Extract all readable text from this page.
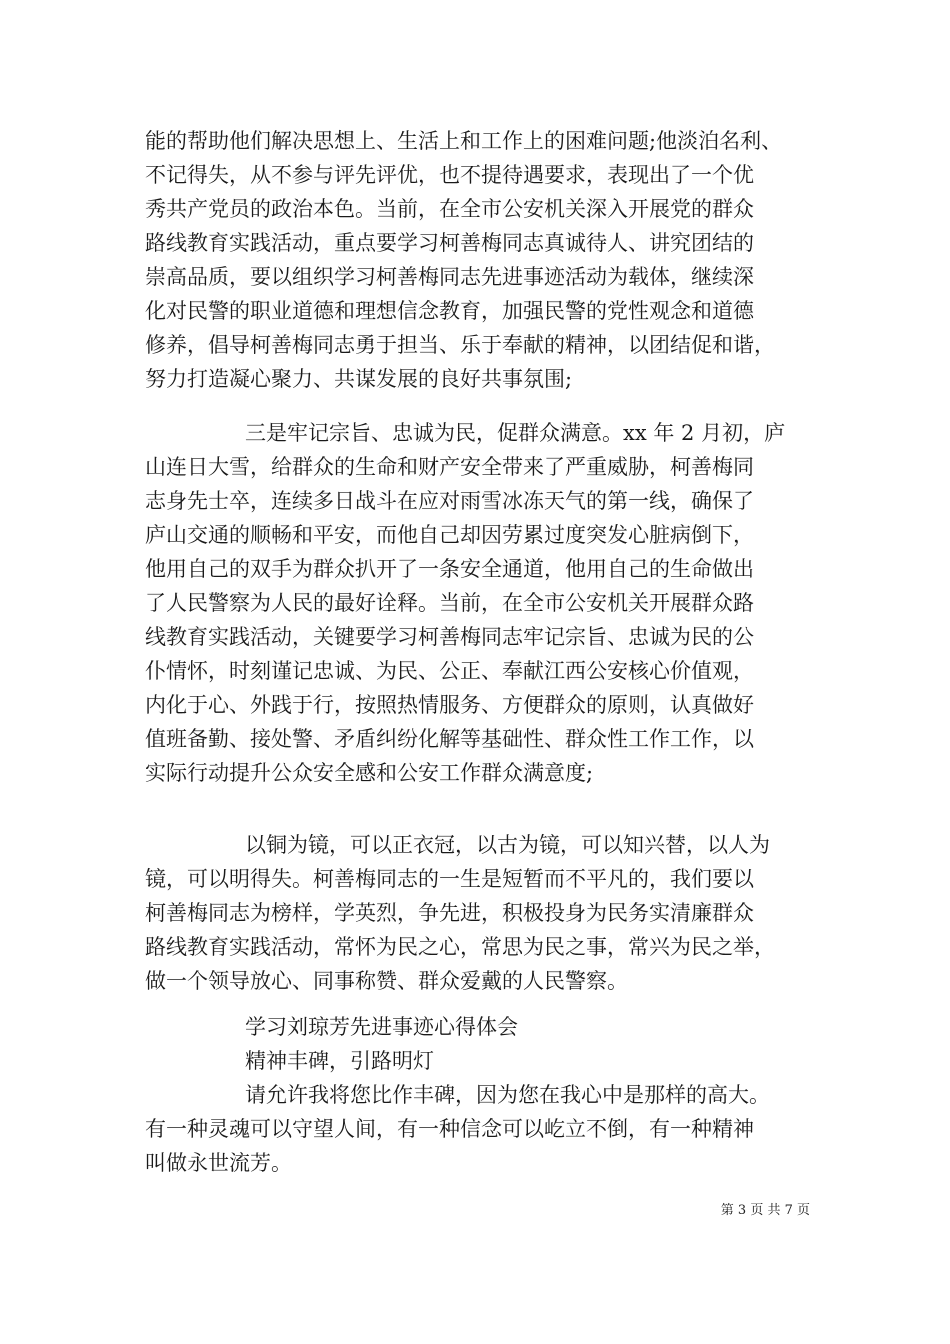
能的帮助他们解决思想上、生活上和工作上的困难问题;他淡泊名利、
不记得失，从不参与评先评优，也不提待遇要求，表现出了一个优
秀共产党员的政治本色。当前，在全市公安机关深入开展党的群众
路线教育实践活动，重点要学习柯善梅同志真诚待人、讲究团结的
崇高品质，要以组织学习柯善梅同志先进事迹活动为载体，继续深
化对民警的职业道德和理想信念教育，加强民警的党性观念和道德
修养，倡导柯善梅同志勇于担当、乐于奉献的精神，以团结促和谐，
努力打造凝心聚力、共谋发展的良好共事氛围;
三是牢记宗旨、忠诚为民，促群众满意。xx 年 2 月初，庐
山连日大雪，给群众的生命和财产安全带来了严重威胁，柯善梅同
志身先士卒，连续多日战斗在应对雨雪冰冻天气的第一线，确保了
庐山交通的顺畅和平安，而他自己却因劳累过度突发心脏病倒下，
他用自己的双手为群众扒开了一条安全通道，他用自己的生命做出
了人民警察为人民的最好诠释。当前，在全市公安机关开展群众路
线教育实践活动，关键要学习柯善梅同志牢记宗旨、忠诚为民的公
仆情怀，时刻谨记忠诚、为民、公正、奉献江西公安核心价值观，
内化于心、外践于行，按照热情服务、方便群众的原则，认真做好
值班备勤、接处警、矛盾纠纷化解等基础性、群众性工作工作，以
实际行动提升公众安全感和公安工作群众满意度;
以铜为镜，可以正衣冠，以古为镜，可以知兴替，以人为
镜，可以明得失。柯善梅同志的一生是短暂而不平凡的，我们要以
柯善梅同志为榜样，学英烈，争先进，积极投身为民务实清廉群众
路线教育实践活动，常怀为民之心，常思为民之事，常兴为民之举，
做一个领导放心、同事称赞、群众爱戴的人民警察。
学习刘琼芳先进事迹心得体会
精神丰碑，引路明灯
请允许我将您比作丰碑，因为您在我心中是那样的高大。
有一种灵魂可以守望人间，有一种信念可以屹立不倒，有一种精神
叫做永世流芳。
第 3 页 共 7 页
